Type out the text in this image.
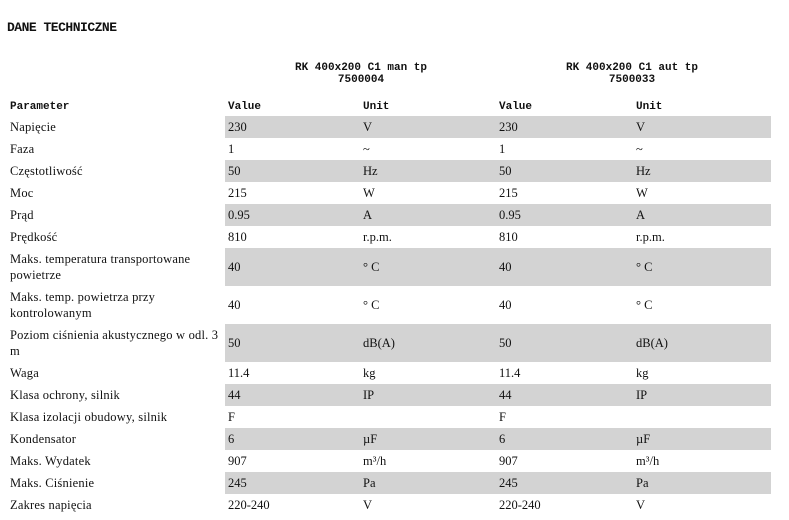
DANE TECHNICZNE
RK 400x200 C1 man tp
7500004
RK 400x200 C1 aut tp
7500033
Parameter	Value	Unit	Value	Unit
Napięcie	230	V	230	V
Faza	1	~	1	~
Częstotliwość	50	Hz	50	Hz
Moc	215	W	215	W
Prąd	0.95	A	0.95	A
Prędkość	810	r.p.m.	810	r.p.m.
Maks. temperatura transportowane powietrze	40	° C	40	° C
Maks. temp. powietrza przy kontrolowanym	40	° C	40	° C
Poziom ciśnienia akustycznego w odl. 3 m	50	dB(A)	50	dB(A)
Waga	11.4	kg	11.4	kg
Klasa ochrony, silnik	44	IP	44	IP
Klasa izolacji obudowy, silnik	F		F	
Kondensator	6	µF	6	µF
Maks. Wydatek	907	m³/h	907	m³/h
Maks. Ciśnienie	245	Pa	245	Pa
Zakres napięcia	220-240	V	220-240	V
